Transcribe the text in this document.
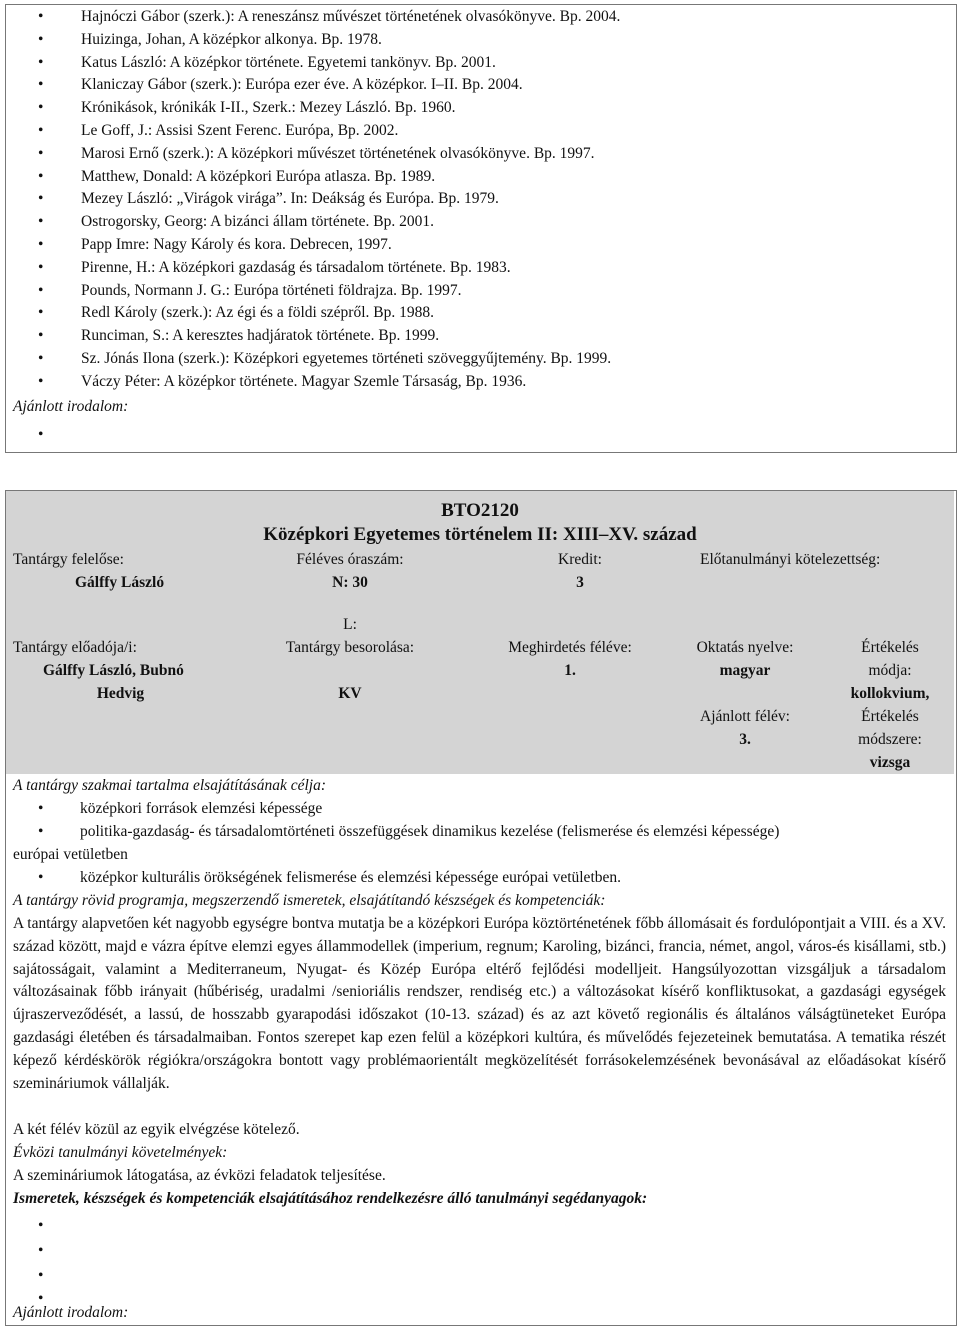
• Hajnóczi Gábor (szerk.): A reneszánsz művészet történetének olvasókönyve. Bp. 2004.
• Huizinga, Johan, A középkor alkonya. Bp. 1978.
• Katus László: A középkor története. Egyetemi tankönyv. Bp. 2001.
• Klaniczay Gábor (szerk.): Európa ezer éve. A középkor. I–II. Bp. 2004.
• Krónikások, krónikák I-II., Szerk.: Mezey László. Bp. 1960.
• Le Goff, J.: Assisi Szent Ferenc. Európa, Bp. 2002.
• Marosi Ernő (szerk.): A középkori művészet történetének olvasókönyve. Bp. 1997.
• Matthew, Donald: A középkori Európa atlasza. Bp. 1989.
• Mezey László: „Virágok virága”. In: Deákság és Európa. Bp. 1979.
• Ostrogorsky, Georg: A bizánci állam története. Bp. 2001.
• Papp Imre: Nagy Károly és kora. Debrecen, 1997.
• Pirenne, H.: A középkori gazdaság és társadalom története. Bp. 1983.
• Pounds, Normann J. G.: Európa történeti földrajza. Bp. 1997.
• Redl Károly (szerk.): Az égi és a földi szépről. Bp. 1988.
• Runciman, S.: A keresztes hadjáratok története. Bp. 1999.
• Sz. Jónás Ilona (szerk.): Középkori egyetemes történeti szöveggyűjtemény. Bp. 1999.
• Váczy Péter: A középkor története. Magyar Szemle Társaság, Bp. 1936.
Ajánlott irodalom:
•
BTO2120
Középkori Egyetemes történelem II: XIII–XV. század
Tantárgy felelőse:
Gálffy László
Féléves óraszám:
N: 30
Kredit:
3
Előtanulmányi kötelezettség:
L:
Tantárgy előadója/i:
Gálffy László, Bubnó
Hedvig
Tantárgy besorolása:
KV
Meghirdetés féléve:
1.
Oktatás nyelve:
magyar
Ajánlott félév:
3.
Értékelés
módja:
kollokvium,
Értékelés
módszere:
vizsga
A tantárgy szakmai tartalma elsajátításának célja:
• középkori források elemzési képessége
• politika-gazdaság- és társadalomtörténeti összefüggések dinamikus kezelése (felismerése és elemzési képessége)
európai vetületben
• középkor kulturális örökségének felismerése és elemzési képessége európai vetületben.
A tantárgy rövid programja, megszerzendő ismeretek, elsajátítandó készségek és kompetenciák:
A tantárgy alapvetően két nagyobb egységre bontva mutatja be a középkori Európa köztörténetének főbb állomásait és fordulópontjait a VIII. és a XV. század között, majd e vázra építve elemzi egyes állammodellek (imperium, regnum; Karoling, bizánci, francia, német, angol, város-és kisállami, stb.) sajátosságait, valamint a Mediterraneum, Nyugat- és Közép Európa eltérő fejlődési modelljeit. Hangsúlyozottan vizsgáljuk a társadalom változásainak főbb irányait (hűbériség, uradalmi /senioriális rendszer, rendiség etc.) a változásokat kísérő konfliktusokat, a gazdasági egységek újraszerveződését, a lassú, de hosszabb gyarapodási időszakot (10-13. század) és az azt követő regionális és általános válságtüneteket Európa gazdasági életében és társadalmaiban. Fontos szerepet kap ezen felül a középkori kultúra, és művelődés fejezeteinek bemutatása. A tematika részét képező kérdéskörök régiókra/országokra bontott vagy problémaorientált megközelítését forrásokelemzésének bevonásával az előadásokat kísérő szemináriumok vállalják.
A két félév közül az egyik elvégzése kötelező.
Évközi tanulmányi követelmények:
A szemináriumok látogatása, az évközi feladatok teljesítése.
Ismeretek, készségek és kompetenciák elsajátításához rendelkezésre álló tanulmányi segédanyagok:
•
•
•
•
Ajánlott irodalom:
